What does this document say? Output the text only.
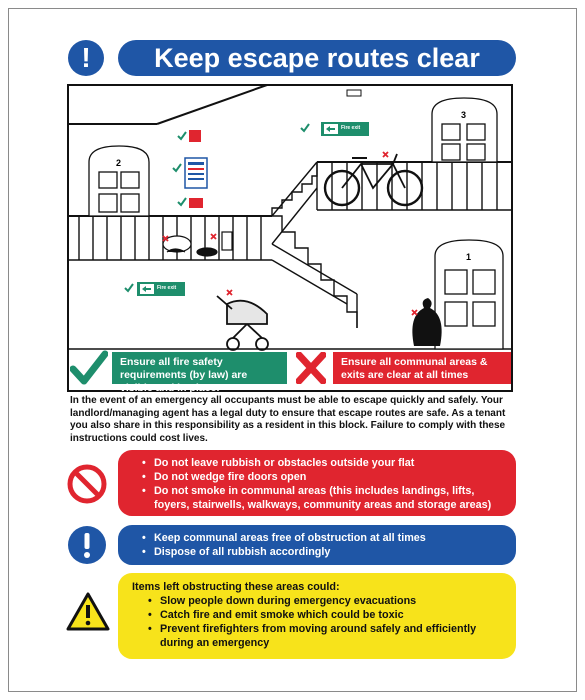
!	Keep escape routes clear
2
3
1
Fire exit
Fire exit
Ensure all fire safety requirements (by law) are visible and in place!
Ensure all communal areas & exits are clear at all times
In the event of an emergency all occupants must be able to escape quickly and safely. Your landlord/managing agent has a legal duty to ensure that escape routes are safe. As a tenant you also share in this responsibility as a resident in this block. Failure to comply with these instructions could cost lives.
• Do not leave rubbish or obstacles outside your flat
• Do not wedge fire doors open
• Do not smoke in communal areas (this includes landings, lifts, foyers, stairwells, walkways, community areas and storage areas)
• Keep communal areas free of obstruction at all times
• Dispose of all rubbish accordingly
Items left obstructing these areas could:
• Slow people down during emergency evacuations
• Catch fire and emit smoke which could be toxic
• Prevent firefighters from moving around safely and efficiently during an emergency
